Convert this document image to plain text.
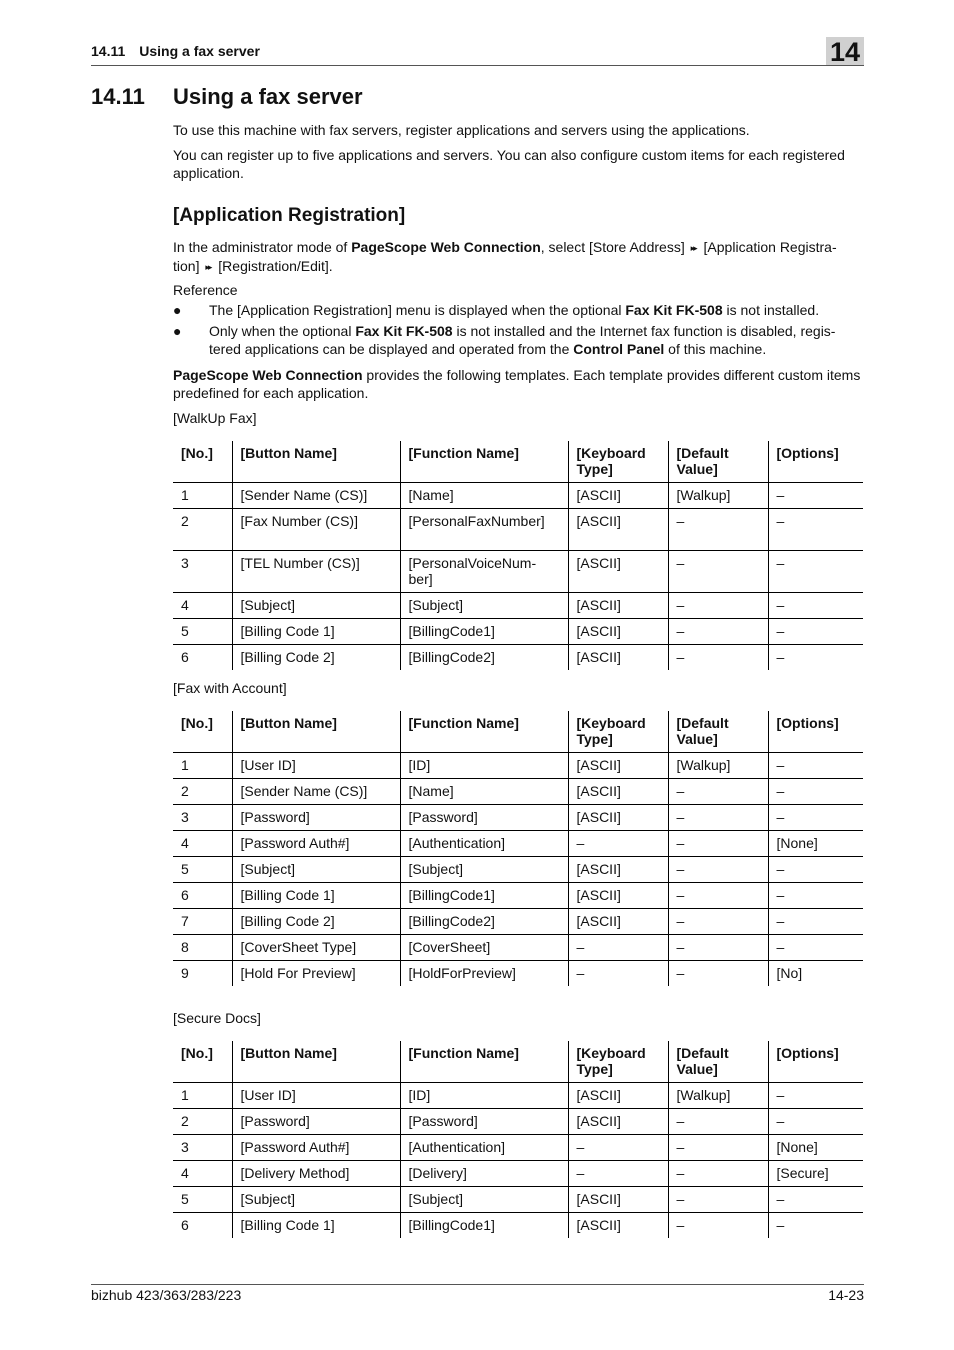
14.11 Using a fax server	14
14.11 Using a fax server

To use this machine with fax servers, register applications and servers using the applications.

You can register up to five applications and servers. You can also configure custom items for each registered application.

[Application Registration]

In the administrator mode of PageScope Web Connection, select [Store Address] ▸▸ [Application Registra-tion] ▸▸ [Registration/Edit].

Reference

● The [Application Registration] menu is displayed when the optional Fax Kit FK-508 is not installed.
● Only when the optional Fax Kit FK-508 is not installed and the Internet fax function is disabled, regis-tered applications can be displayed and operated from the Control Panel of this machine.

PageScope Web Connection provides the following templates. Each template provides different custom items predefined for each application.

[WalkUp Fax]

[No.]	[Button Name]	[Function Name]	[Keyboard Type]	[Default Value]	[Options]
1	[Sender Name (CS)]	[Name]	[ASCII]	[Walkup]	–
2	[Fax Number (CS)]	[PersonalFaxNumber]	[ASCII]	–	–
3	[TEL Number (CS)]	[PersonalVoiceNum-ber]	[ASCII]	–	–
4	[Subject]	[Subject]	[ASCII]	–	–
5	[Billing Code 1]	[BillingCode1]	[ASCII]	–	–
6	[Billing Code 2]	[BillingCode2]	[ASCII]	–	–

[Fax with Account]

[No.]	[Button Name]	[Function Name]	[Keyboard Type]	[Default Value]	[Options]
1	[User ID]	[ID]	[ASCII]	[Walkup]	–
2	[Sender Name (CS)]	[Name]	[ASCII]	–	–
3	[Password]	[Password]	[ASCII]	–	–
4	[Password Auth#]	[Authentication]	–	–	[None]
5	[Subject]	[Subject]	[ASCII]	–	–
6	[Billing Code 1]	[BillingCode1]	[ASCII]	–	–
7	[Billing Code 2]	[BillingCode2]	[ASCII]	–	–
8	[CoverSheet Type]	[CoverSheet]	–	–	–
9	[Hold For Preview]	[HoldForPreview]	–	–	[No]

[Secure Docs]

[No.]	[Button Name]	[Function Name]	[Keyboard Type]	[Default Value]	[Options]
1	[User ID]	[ID]	[ASCII]	[Walkup]	–
2	[Password]	[Password]	[ASCII]	–	–
3	[Password Auth#]	[Authentication]	–	–	[None]
4	[Delivery Method]	[Delivery]	–	–	[Secure]
5	[Subject]	[Subject]	[ASCII]	–	–
6	[Billing Code 1]	[BillingCode1]	[ASCII]	–	–
bizhub 423/363/283/223	14-23
